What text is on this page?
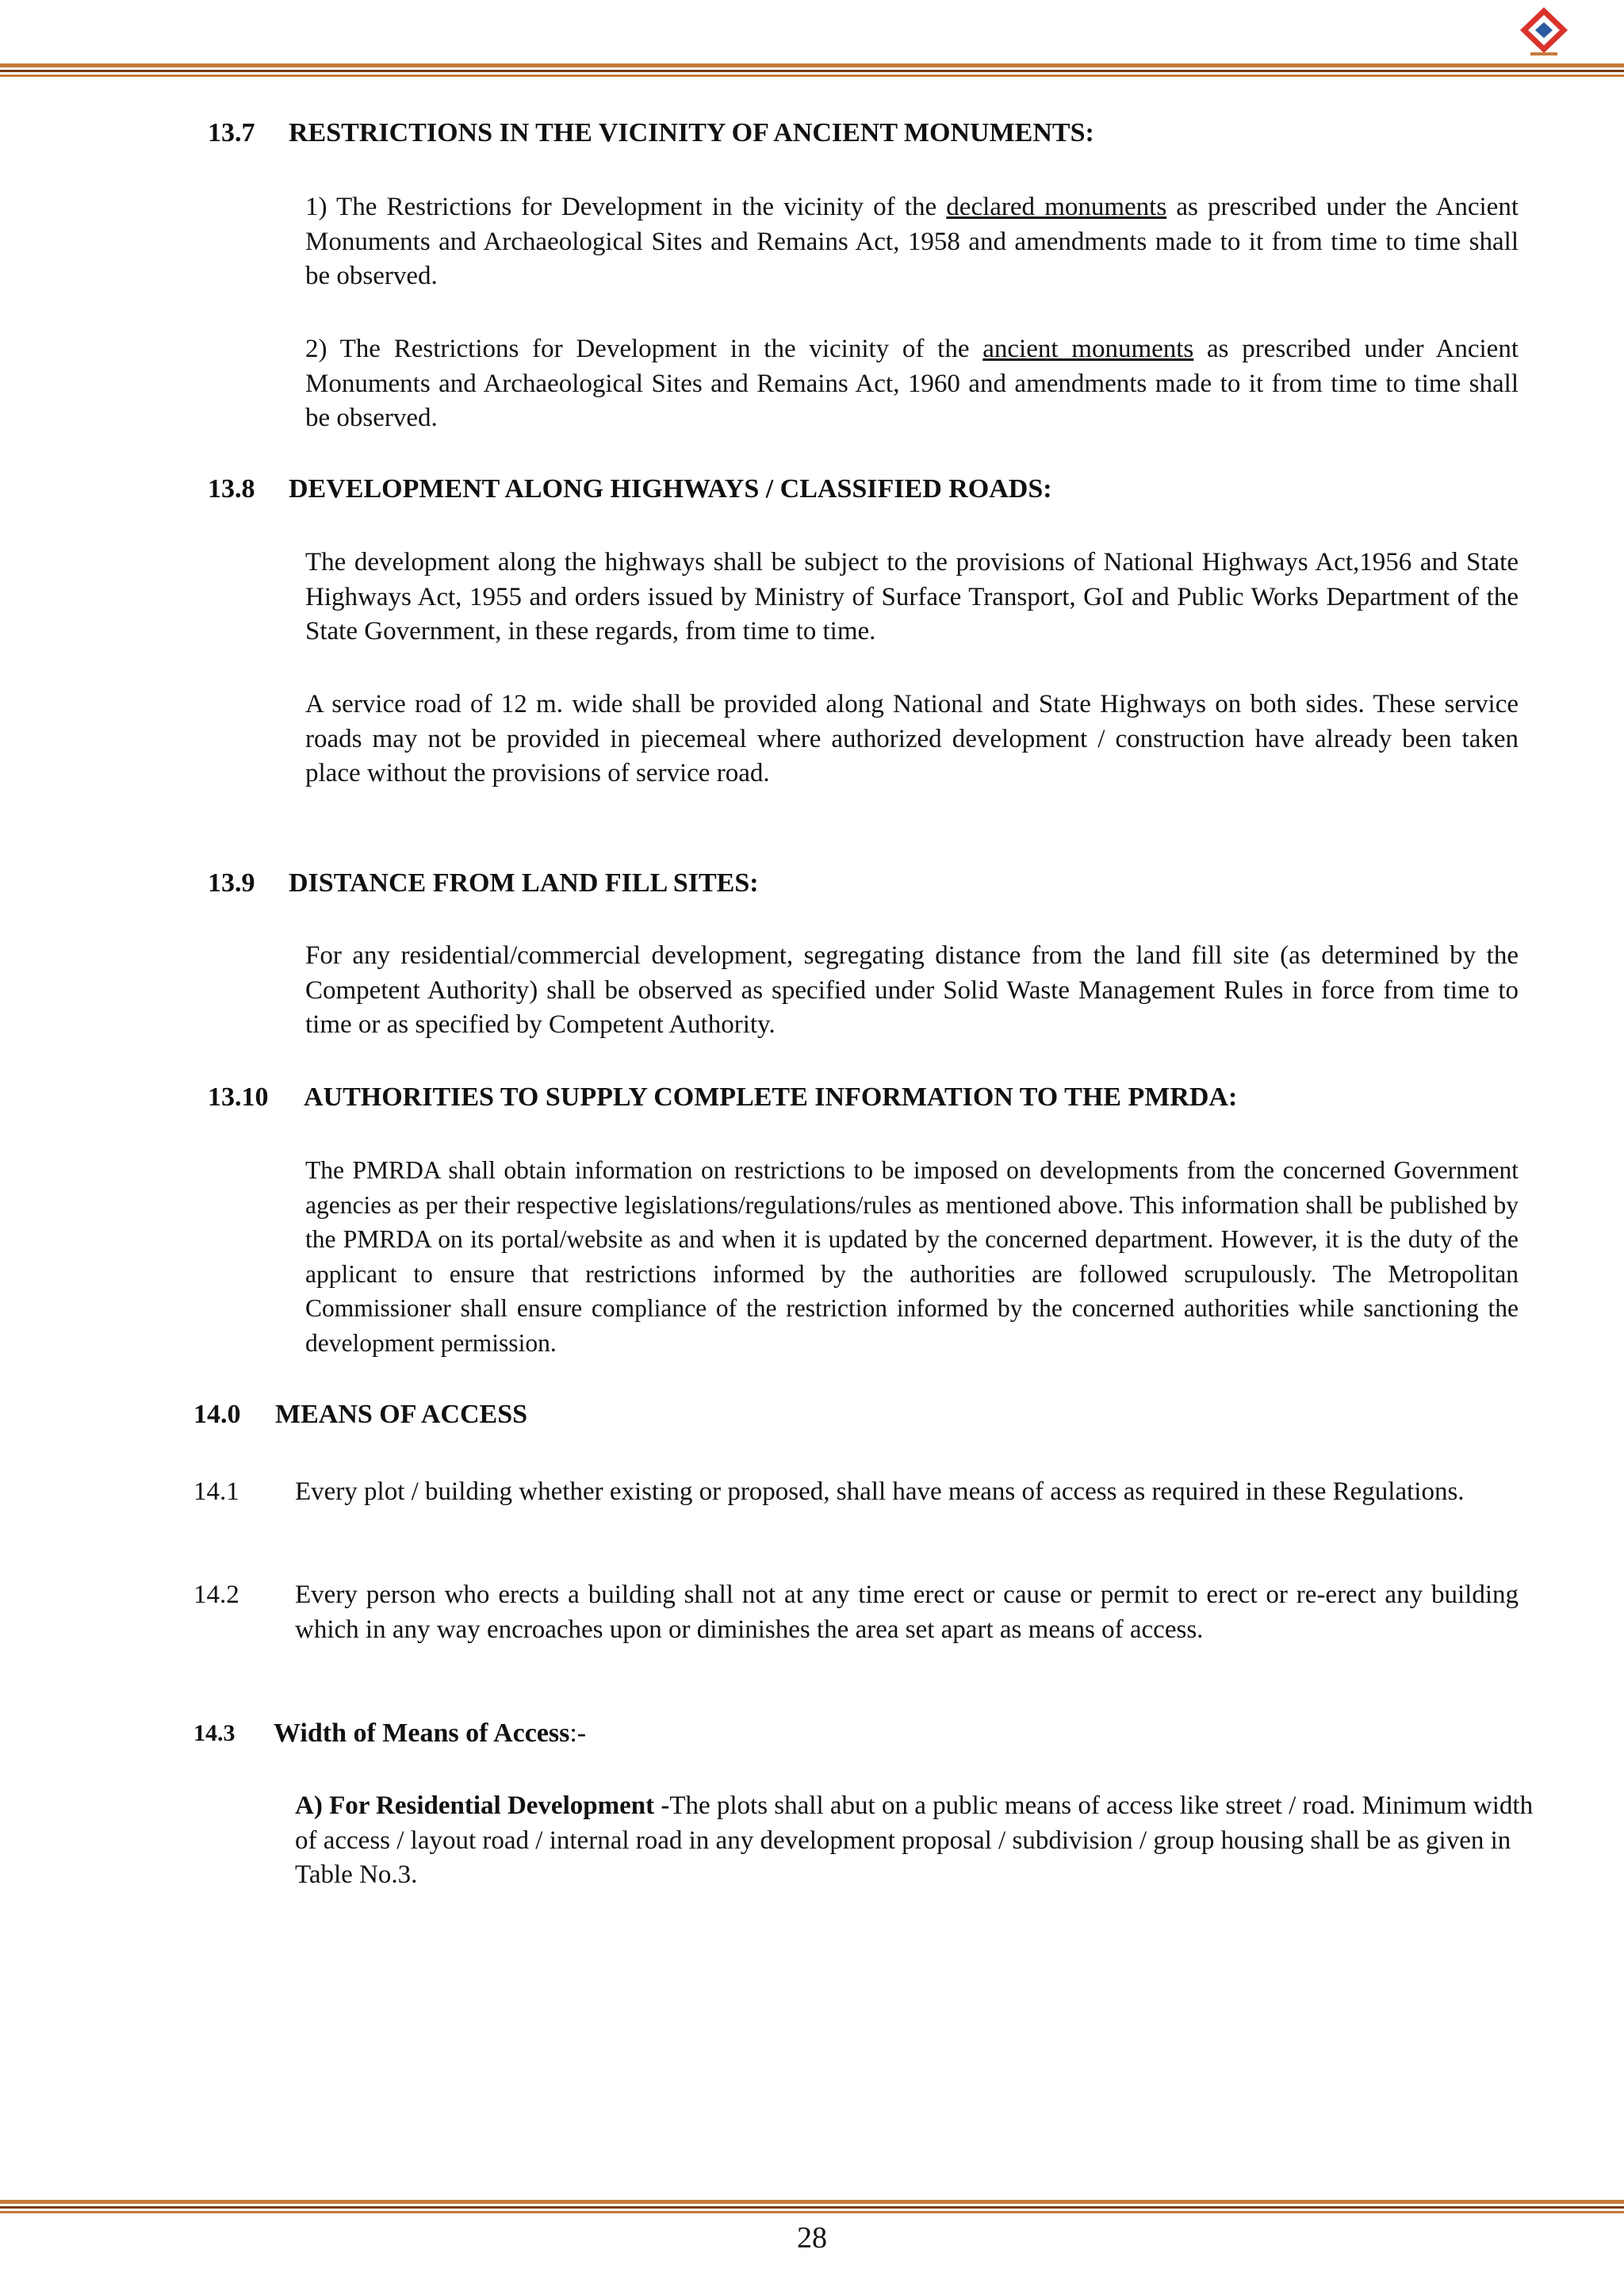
13.7 RESTRICTIONS IN THE VICINITY OF ANCIENT MONUMENTS:

1) The Restrictions for Development in the vicinity of the declared monuments as prescribed under the Ancient Monuments and Archaeological Sites and Remains Act, 1958 and amendments made to it from time to time shall be observed.

2) The Restrictions for Development in the vicinity of the ancient monuments as prescribed under Ancient Monuments and Archaeological Sites and Remains Act, 1960 and amendments made to it from time to time shall be observed.

13.8 DEVELOPMENT ALONG HIGHWAYS / CLASSIFIED ROADS:

The development along the highways shall be subject to the provisions of National Highways Act,1956 and State Highways Act, 1955 and orders issued by Ministry of Surface Transport, GoI and Public Works Department of the State Government, in these regards, from time to time.

A service road of 12 m. wide shall be provided along National and State Highways on both sides. These service roads may not be provided in piecemeal where authorized development / construction have already been taken place without the provisions of service road.

13.9 DISTANCE FROM LAND FILL SITES:

For any residential/commercial development, segregating distance from the land fill site (as determined by the Competent Authority) shall be observed as specified under Solid Waste Management Rules in force from time to time or as specified by Competent Authority.

13.10 AUTHORITIES TO SUPPLY COMPLETE INFORMATION TO THE PMRDA:

The PMRDA shall obtain information on restrictions to be imposed on developments from the concerned Government agencies as per their respective legislations/regulations/rules as mentioned above. This information shall be published by the PMRDA on its portal/website as and when it is updated by the concerned department. However, it is the duty of the applicant to ensure that restrictions informed by the authorities are followed scrupulously. The Metropolitan Commissioner shall ensure compliance of the restriction informed by the concerned authorities while sanctioning the development permission.

14.0 MEANS OF ACCESS
14.1	Every plot / building whether existing or proposed, shall have means of access as required in these Regulations.

14.2	Every person who erects a building shall not at any time erect or cause or permit to erect or re-erect any building which in any way encroaches upon or diminishes the area set apart as means of access.

14.3 Width of Means of Access:-

A) For Residential Development -The plots shall abut on a public means of access like street / road. Minimum width of access / layout road / internal road in any development proposal / subdivision / group housing shall be as given in Table No.3.

28
